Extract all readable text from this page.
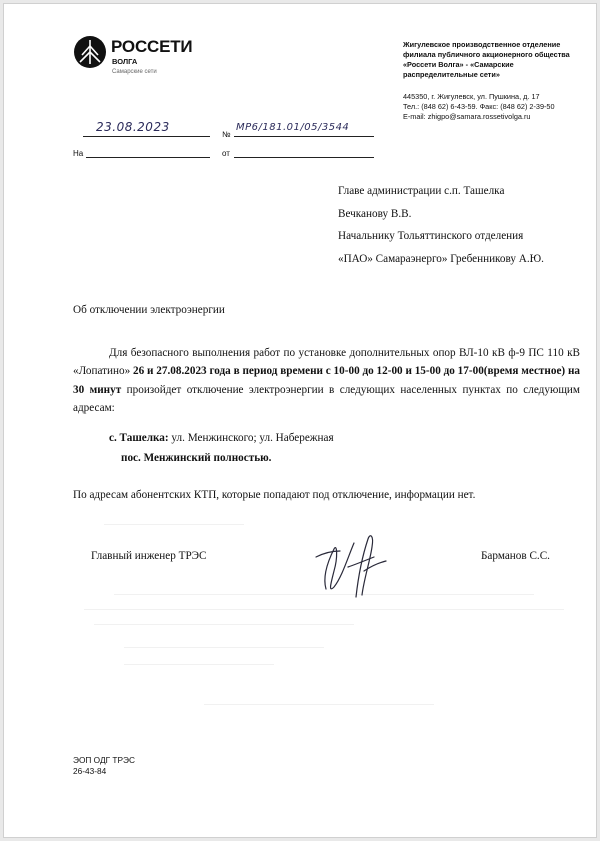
РОССЕТИ
ВОЛГА
Самарские сети
Жигулевское производственное отделение
филиала публичного акционерного общества
«Россети Волга» - «Самарские
распределительные сети»
445350, г. Жигулевск, ул. Пушкина, д. 17
Тел.: (848 62) 6-43-59. Факс: (848 62) 2-39-50
E-mail: zhigpo@samara.rossetivolga.ru
23.08.2023
№
МР6/181.01/05/3544
На	от
Главе администрации с.п. Ташелка
Вечканову В.В.
Начальнику Тольяттинского отделения
«ПАО» Самараэнерго» Гребенникову А.Ю.
Об отключении электроэнергии
Для безопасного выполнения работ по установке дополнительных опор ВЛ-10 кВ ф-9 ПС 110 кВ «Лопатино» 26 и 27.08.2023 года в период времени с 10-00 до 12-00 и 15-00 до 17-00(время местное) на 30 минут произойдет отключение электроэнергии в следующих населенных пунктах по следующим адресам:
с. Ташелка: ул. Менжинского; ул. Набережная
пос. Менжинский полностью.
По адресам абонентских КТП, которые попадают под отключение, информации нет.
Главный инженер ТРЭС	Барманов С.С.
ЭОП ОДГ ТРЭС
26-43-84
